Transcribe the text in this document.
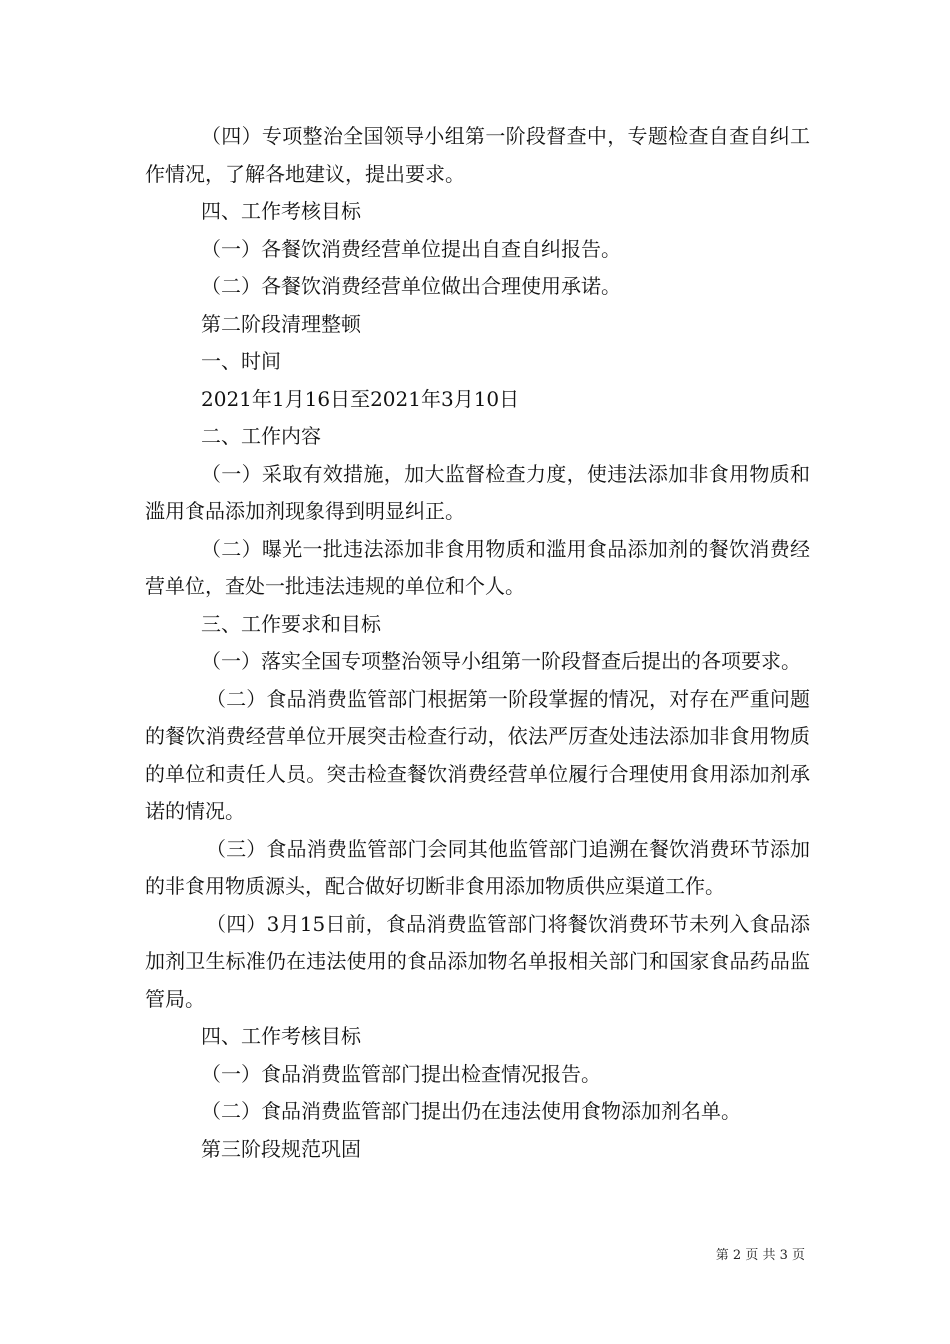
（四）专项整治全国领导小组第一阶段督查中，专题检查自查自纠工作情况，了解各地建议，提出要求。

四、工作考核目标

（一）各餐饮消费经营单位提出自查自纠报告。

（二）各餐饮消费经营单位做出合理使用承诺。

第二阶段清理整顿

一、时间

2021年1月16日至2021年3月10日

二、工作内容

（一）采取有效措施，加大监督检查力度，使违法添加非食用物质和滥用食品添加剂现象得到明显纠正。

（二）曝光一批违法添加非食用物质和滥用食品添加剂的餐饮消费经营单位，查处一批违法违规的单位和个人。

三、工作要求和目标

（一）落实全国专项整治领导小组第一阶段督查后提出的各项要求。

（二）食品消费监管部门根据第一阶段掌握的情况，对存在严重问题的餐饮消费经营单位开展突击检查行动，依法严厉查处违法添加非食用物质的单位和责任人员。突击检查餐饮消费经营单位履行合理使用食用添加剂承诺的情况。

（三）食品消费监管部门会同其他监管部门追溯在餐饮消费环节添加的非食用物质源头，配合做好切断非食用添加物质供应渠道工作。

（四）3月15日前，食品消费监管部门将餐饮消费环节未列入食品添加剂卫生标准仍在违法使用的食品添加物名单报相关部门和国家食品药品监管局。

四、工作考核目标

（一）食品消费监管部门提出检查情况报告。

（二）食品消费监管部门提出仍在违法使用食物添加剂名单。

第三阶段规范巩固

第 2 页 共 3 页
